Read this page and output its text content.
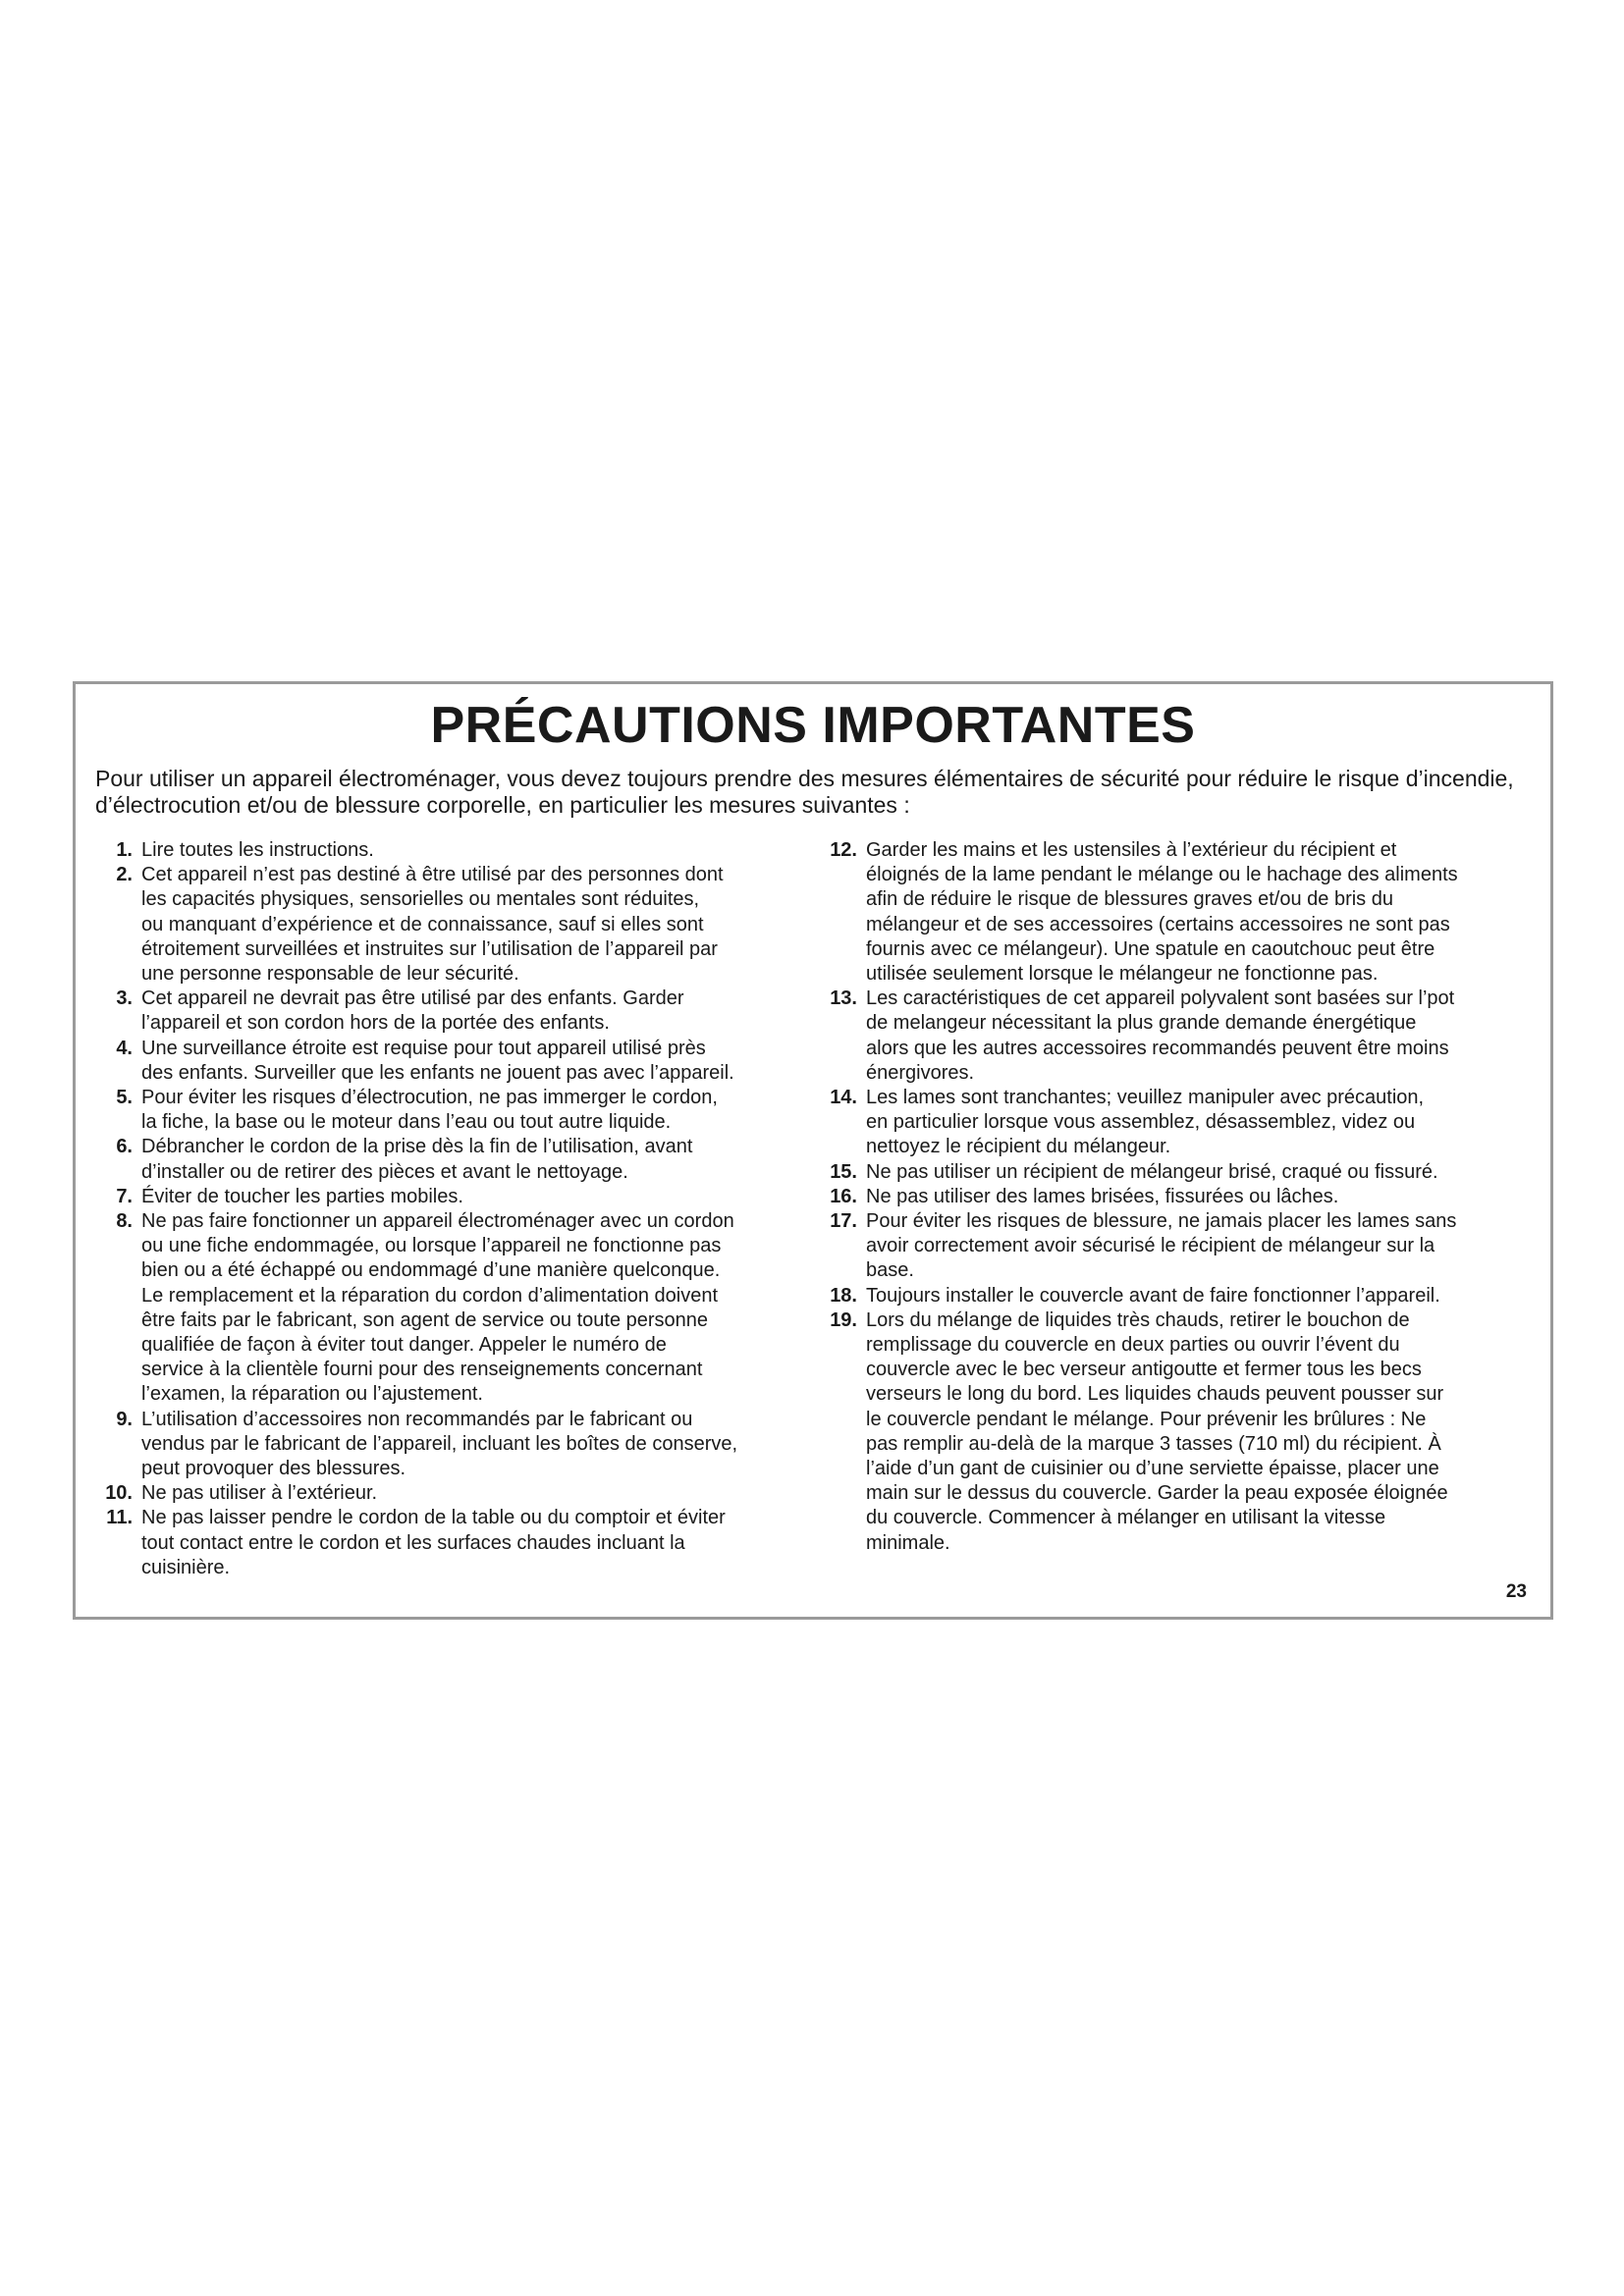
PRÉCAUTIONS IMPORTANTES

Pour utiliser un appareil électroménager, vous devez toujours prendre des mesures élémentaires de sécurité pour réduire le risque d’incendie, d’électrocution et/ou de blessure corporelle, en particulier les mesures suivantes :

1. Lire toutes les instructions.
2. Cet appareil n’est pas destiné à être utilisé par des personnes dont
les capacités physiques, sensorielles ou mentales sont réduites,
ou manquant d’expérience et de connaissance, sauf si elles sont
étroitement surveillées et instruites sur l’utilisation de l’appareil par
une personne responsable de leur sécurité.
3. Cet appareil ne devrait pas être utilisé par des enfants. Garder
l’appareil et son cordon hors de la portée des enfants.
4. Une surveillance étroite est requise pour tout appareil utilisé près
des enfants. Surveiller que les enfants ne jouent pas avec l’appareil.
5. Pour éviter les risques d’électrocution, ne pas immerger le cordon,
la fiche, la base ou le moteur dans l’eau ou tout autre liquide.
6. Débrancher le cordon de la prise dès la fin de l’utilisation, avant
d’installer ou de retirer des pièces et avant le nettoyage.
7. Éviter de toucher les parties mobiles.
8. Ne pas faire fonctionner un appareil électroménager avec un cordon
ou une fiche endommagée, ou lorsque l’appareil ne fonctionne pas
bien ou a été échappé ou endommagé d’une manière quelconque.
Le remplacement et la réparation du cordon d’alimentation doivent
être faits par le fabricant, son agent de service ou toute personne
qualifiée de façon à éviter tout danger. Appeler le numéro de
service à la clientèle fourni pour des renseignements concernant
l’examen, la réparation ou l’ajustement.
9. L’utilisation d’accessoires non recommandés par le fabricant ou
vendus par le fabricant de l’appareil, incluant les boîtes de conserve,
peut provoquer des blessures.
10. Ne pas utiliser à l’extérieur.
11. Ne pas laisser pendre le cordon de la table ou du comptoir et éviter
tout contact entre le cordon et les surfaces chaudes incluant la
cuisinière.
12. Garder les mains et les ustensiles à l’extérieur du récipient et
éloignés de la lame pendant le mélange ou le hachage des aliments
afin de réduire le risque de blessures graves et/ou de bris du
mélangeur et de ses accessoires (certains accessoires ne sont pas
fournis avec ce mélangeur). Une spatule en caoutchouc peut être
utilisée seulement lorsque le mélangeur ne fonctionne pas.
13. Les caractéristiques de cet appareil polyvalent sont basées sur l’pot
de melangeur nécessitant la plus grande demande énergétique
alors que les autres accessoires recommandés peuvent être moins
énergivores.
14. Les lames sont tranchantes; veuillez manipuler avec précaution,
en particulier lorsque vous assemblez, désassemblez, videz ou
nettoyez le récipient du mélangeur.
15. Ne pas utiliser un récipient de mélangeur brisé, craqué ou fissuré.
16. Ne pas utiliser des lames brisées, fissurées ou lâches.
17. Pour éviter les risques de blessure, ne jamais placer les lames sans
avoir correctement avoir sécurisé le récipient de mélangeur sur la
base.
18. Toujours installer le couvercle avant de faire fonctionner l’appareil.
19. Lors du mélange de liquides très chauds, retirer le bouchon de
remplissage du couvercle en deux parties ou ouvrir l’évent du
couvercle avec le bec verseur antigoutte et fermer tous les becs
verseurs le long du bord. Les liquides chauds peuvent pousser sur
le couvercle pendant le mélange. Pour prévenir les brûlures : Ne
pas remplir au-delà de la marque 3 tasses (710 ml) du récipient. À
l’aide d’un gant de cuisinier ou d’une serviette épaisse, placer une
main sur le dessus du couvercle. Garder la peau exposée éloignée
du couvercle. Commencer à mélanger en utilisant la vitesse
minimale.
23
